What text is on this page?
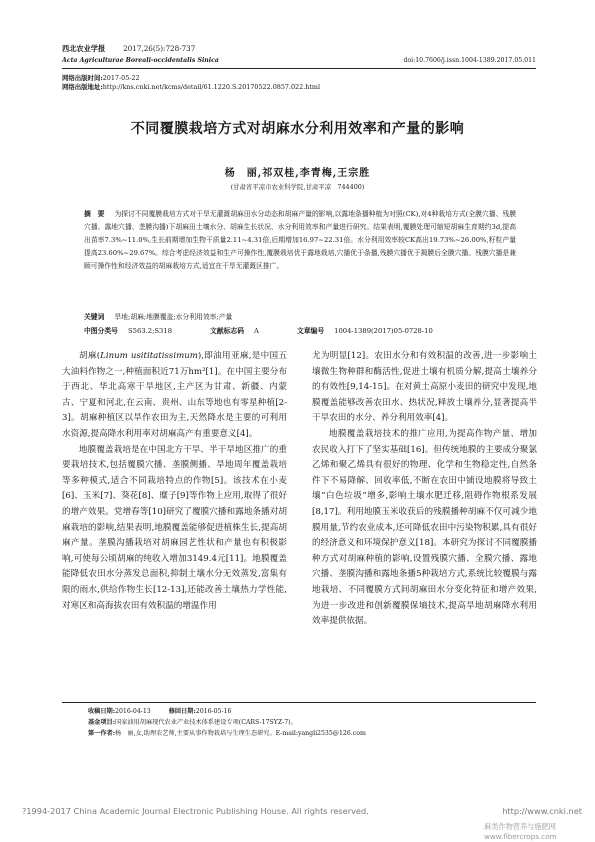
西北农业学报	2017,26(5):728-737
Acta Agriculturae Boreali-occidentalis Sinica	doi:10.7606/j.issn.1004-1389.2017.05.011
网络出版时间:2017-05-22
网络出版地址:http://kns.cnki.net/kcms/detail/61.1220.S.20170522.0857.022.html
不同覆膜栽培方式对胡麻水分利用效率和产量的影响
杨　丽,祁双桂,李青梅,王宗胜
(甘肃省平凉市农业科学院,甘肃平凉　744400)
摘　要 为探讨不同覆膜栽培方式对干旱无灌溉胡麻田水分动态和胡麻产量的影响,以露地条播种植为对照(CK),对4种栽培方式(全膜穴播、残膜穴播、露地穴播、垄膜沟播)下胡麻田土壤水分、胡麻生长状况、水分利用效率和产量进行研究。结果表明,覆膜处理可缩短胡麻生育期约3d,提高出苗率7.3%~11.0%,生长前期增加生物干质量2.11~4.31倍,后期增加16.97~22.31倍。水分利用效率较CK高出19.73%~26.00%,籽粒产量提高23.60%~29.67%。综合考虑经济效益和生产可操作性,覆膜栽培优于露地栽培,穴播优于条播,残膜穴播优于揭膜后全膜穴播。残膜穴播是兼顾可操作性和经济效益的胡麻栽培方式,适宜在干旱无灌溉区推广。
关键词 旱地;胡麻;地膜覆盖;水分利用效率;产量
中图分类号 S563.2;S318	文献标志码 A	文章编号 1004-1389(2017)05-0728-10

胡麻(Linum usititatissimum),即油用亚麻,是中国五大油料作物之一,种植面积近71万hm²[1]。在中国主要分布于西北、华北高寒干旱地区,主产区为甘肃、新疆、内蒙古、宁夏和河北,在云南、贵州、山东等地也有零星种植[2-3]。胡麻种植区以旱作农田为主,天然降水是主要的可利用水资源,提高降水利用率对胡麻高产有重要意义[4]。

地膜覆盖栽培是在中国北方干旱、半干旱地区推广的重要栽培技术,包括覆膜穴播、垄膜侧播、旱地周年覆盖栽培等多种模式,适合不同栽培特点的作物[5]。该技术在小麦[6]、玉米[7]、葵花[8]、糜子[9]等作物上应用,取得了很好的增产效果。党增春等[10]研究了覆膜穴播和露地条播对胡麻栽培的影响,结果表明,地膜覆盖能够促进植株生长,提高胡麻产量。垄膜沟播栽培对胡麻园艺性状和产量也有积极影响,可使每公顷胡麻的纯收入增加3149.4元[11]。地膜覆盖能降低农田水分蒸发总面积,抑制土壤水分无效蒸发,富集有限的雨水,供给作物生长[12-13],还能改善土壤热力学性能,对寒区和高海拔农田有效积温的增温作用

尤为明显[12]。农田水分和有效积温的改善,进一步影响土壤微生物种群和酶活性,促进土壤有机质分解,提高土壤养分的有效性[9,14-15]。在对黄土高原小麦田的研究中发现,地膜覆盖能够改善农田水、热状况,释放土壤养分,显著提高半干旱农田的水分、养分利用效率[4]。

地膜覆盖栽培技术的推广应用,为提高作物产量、增加农民收入打下了坚实基础[16]。但传统地膜的主要成分聚氯乙烯和聚乙烯具有很好的物理、化学和生物稳定性,自然条件下不易降解、回收率低,不断在农田中铺设地膜将导致土壤“白色垃圾”增多,影响土壤水肥迁移,阻碍作物根系发展[8,17]。利用地膜玉米收获后的残膜播种胡麻不仅可减少地膜用量,节约农业成本,还可降低农田中污染物积累,具有很好的经济意义和环境保护意义[18]。本研究为探讨不同覆膜播种方式对胡麻种植的影响,设置残膜穴播、全膜穴播、露地穴播、垄膜沟播和露地条播5种栽培方式,系统比较覆膜与露地栽培、不同覆膜方式间胡麻田水分变化特征和增产效果,为进一步改进和创新覆膜保墒技术,提高旱地胡麻降水利用效率提供依据。

收稿日期:2016-04-13	修回日期:2016-05-16
基金项目:国家油用胡麻现代农业产业技术体系建设专项(CARS-17SYZ-7)。
第一作者:杨　丽,女,助理农艺师,主要从事作物栽培与生理生态研究。E-mail:yangli2535@126.com
?1994-2017 China Academic Journal Electronic Publishing House. All rights reserved.	http://www.cnki.net
麻类作物营养与施肥网 www.fibercrops.com
